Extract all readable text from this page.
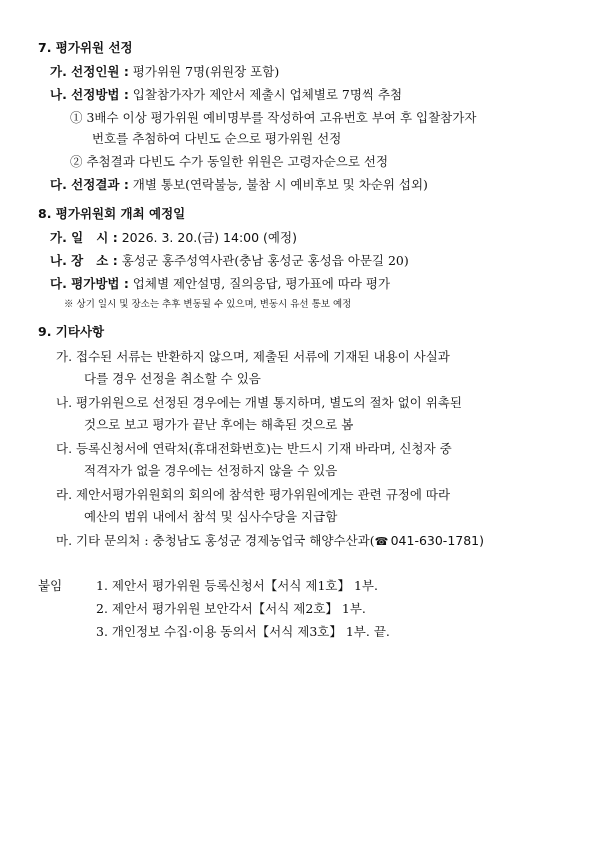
7. 평가위원 선정
가. 선정인원 : 평가위원 7명(위원장 포함)
나. 선정방법 : 입찰참가자가 제안서 제출시 업체별로 7명씩 추첨
① 3배수 이상 평가위원 예비명부를 작성하여 고유번호 부여 후 입찰참가자
번호를 추첨하여 다빈도 순으로 평가위원 선정
② 추첨결과 다빈도 수가 동일한 위원은 고령자순으로 선정
다. 선정결과 : 개별 통보(연락불능, 불참 시 예비후보 및 차순위 섭외)
8. 평가위원회 개최 예정일
가. 일   시 : 2026. 3. 20.(금) 14:00 (예정)
나. 장   소 : 홍성군 홍주성역사관(충남 홍성군 홍성읍 아문길 20)
다. 평가방법 : 업체별 제안설명, 질의응답, 평가표에 따라 평가
※ 상기 일시 및 장소는 추후 변동될 수 있으며, 변동시 유선 통보 예정
9. 기타사항
가. 접수된 서류는 반환하지 않으며, 제출된 서류에 기재된 내용이 사실과
다를 경우 선정을 취소할 수 있음
나. 평가위원으로 선정된 경우에는 개별 통지하며, 별도의 절차 없이 위촉된
것으로 보고 평가가 끝난 후에는 해촉된 것으로 봄
다. 등록신청서에 연락처(휴대전화번호)는 반드시 기재 바라며, 신청자 중
적격자가 없을 경우에는 선정하지 않을 수 있음
라. 제안서평가위원회의 회의에 참석한 평가위원에게는 관련 규정에 따라
예산의 범위 내에서 참석 및 심사수당을 지급함
마. 기타 문의처 : 충청남도 홍성군 경제농업국 해양수산과(☎ 041-630-1781)
붙임	1. 제안서 평가위원 등록신청서【서식 제1호】 1부.
2. 제안서 평가위원 보안각서【서식 제2호】 1부.
3. 개인정보 수집·이용 동의서【서식 제3호】 1부. 끝.
